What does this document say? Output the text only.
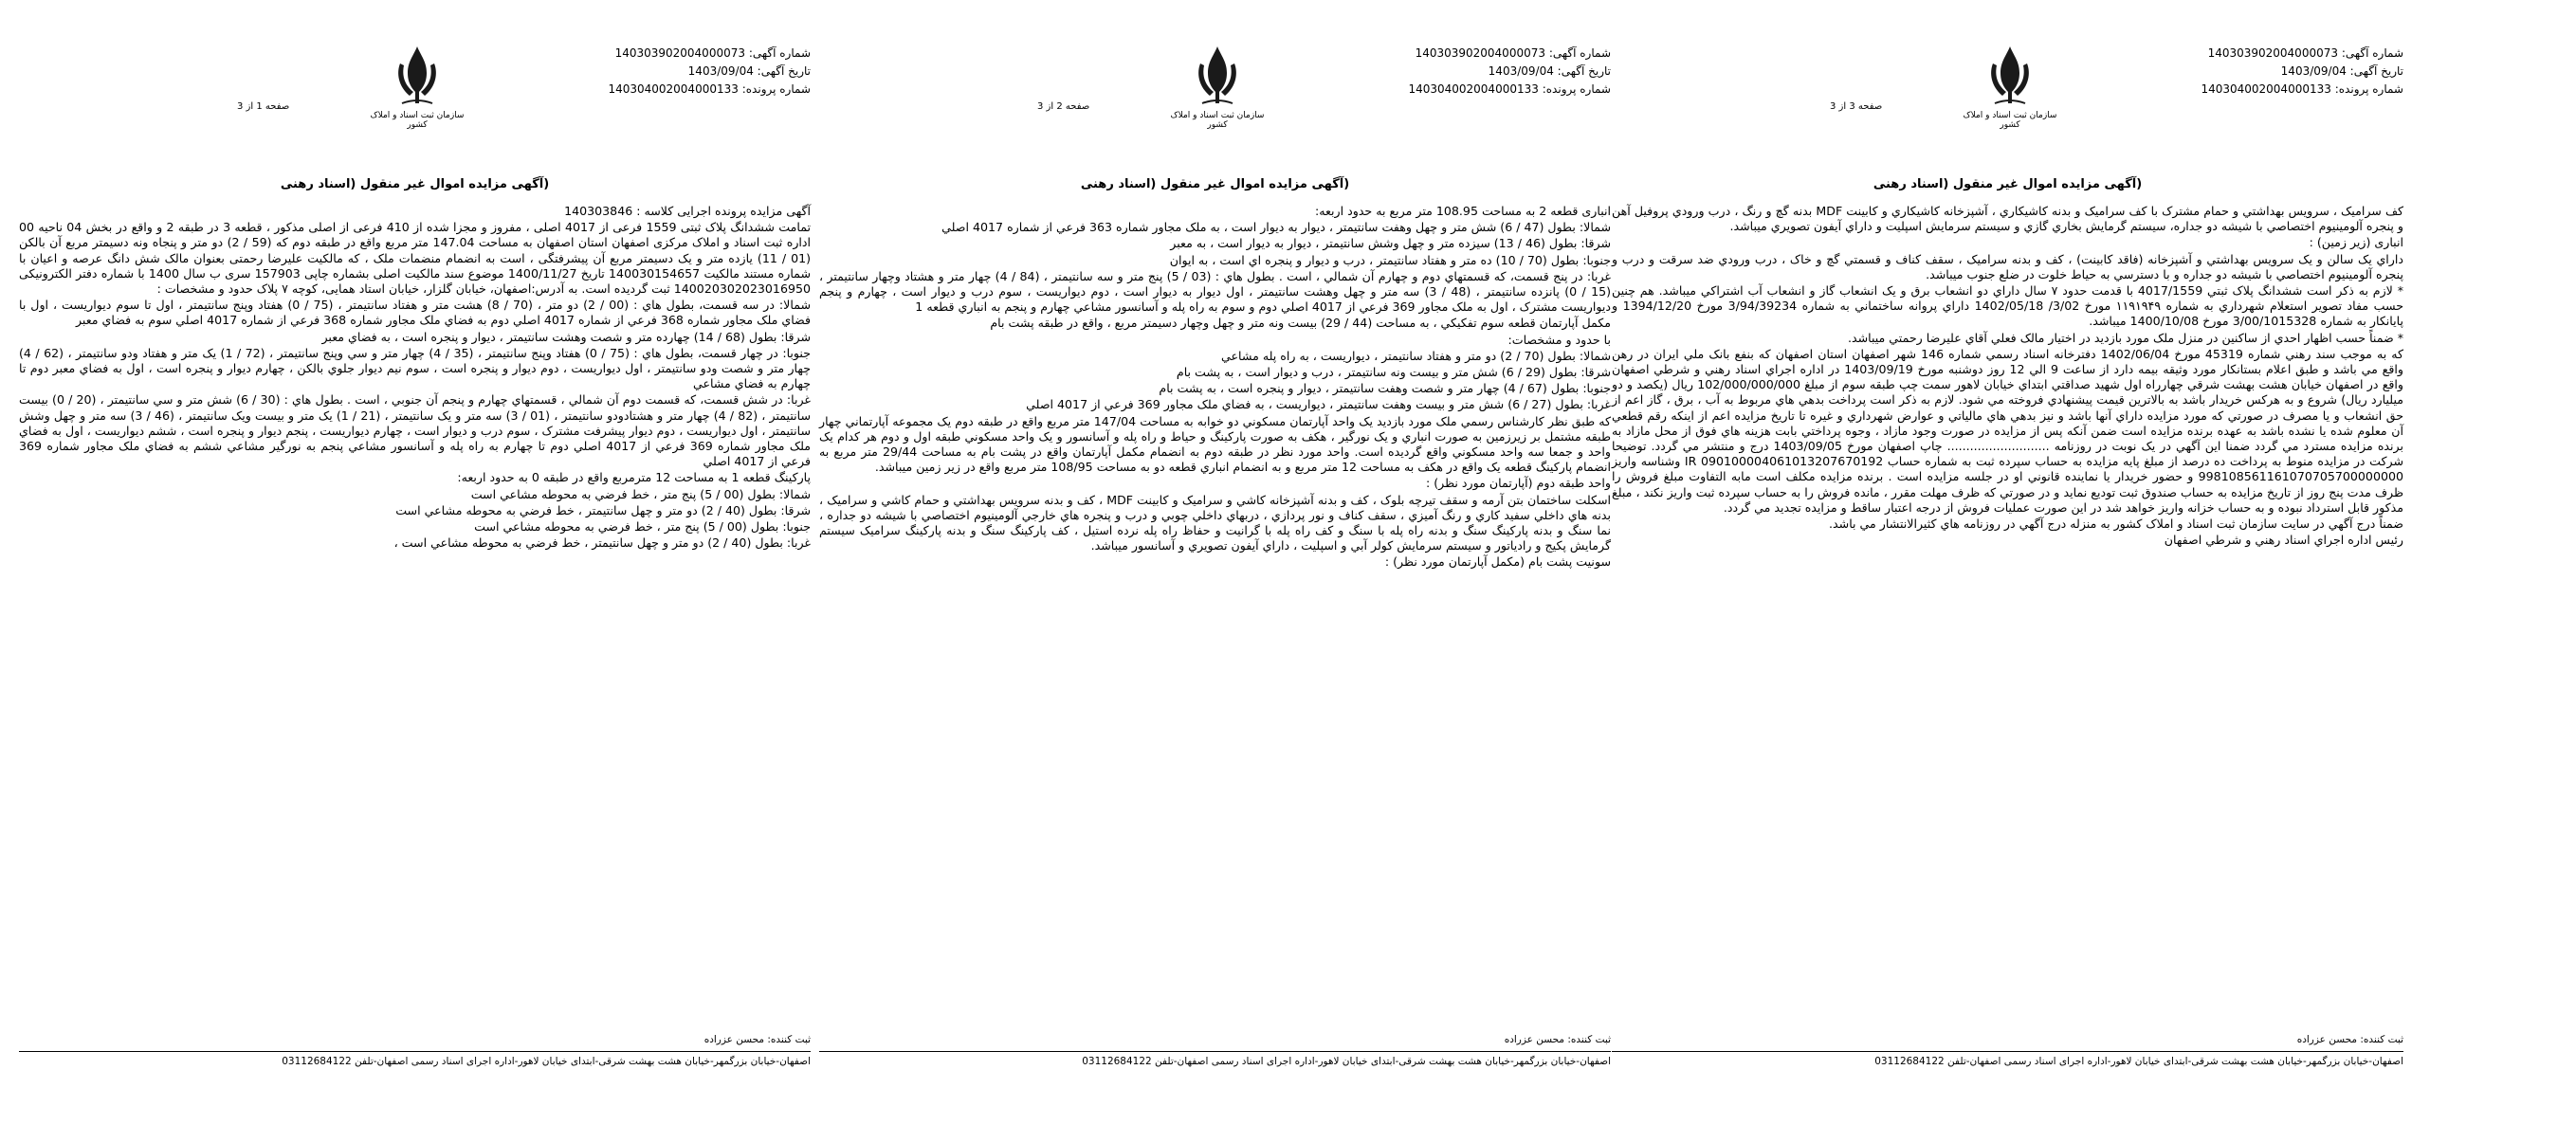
شماره آگهی: 140303902004000073
تاریخ آگهی: 1403/09/04
شماره پرونده: 140304002004000133
سازمان ثبت اسناد و املاک کشور
صفحه 1 از 3
(آگهی مزایده اموال غیر منقول (اسناد رهنی

آگهی مزایده پرونده اجرایی کلاسه : 140303846

تمامت ششدانگ پلاک ثبتی 1559 فرعی از 4017 اصلی ، مفروز و مجزا شده از 410 فرعی از اصلی مذکور ، قطعه 3 در طبقه 2 و واقع در بخش 04 ناحیه 00 اداره ثبت اسناد و املاک مرکزی اصفهان استان اصفهان به مساحت 147.04 متر مربع واقع در طبقه دوم که (59 / 2) دو متر و پنجاه ونه دسیمتر مربع آن بالکن (01 / 11) یازده متر و یک دسیمتر مربع آن پیشرفتگی ، است به انضمام منضمات ملک ، که مالکیت علیرضا رحمتی بعنوان مالک شش دانگ عرصه و اعیان با شماره مستند مالکیت 140030154657 تاریخ 1400/11/27 موضوع سند مالکیت اصلی بشماره چاپی 157903 سری ب سال 1400 با شماره دفتر الکترونیکی 140020302023016950 ثبت گردیده است. به آدرس:اصفهان، خیابان گلزار، خیابان استاد همایی، کوچه ۷ پلاک حدود و مشخصات :

شمالا: در سه قسمت، بطول هاي : (00 / 2) دو متر ، (70 / 8) هشت متر و هفتاد سانتيمتر ، (75 / 0) هفتاد وپنج سانتيمتر ، اول تا سوم ديواريست ، اول با فضاي ملک مجاور شماره 368 فرعي از شماره 4017 اصلي دوم به فضاي ملک مجاور شماره 368 فرعي از شماره 4017 اصلي سوم به فضاي معبر

شرقا: بطول (68 / 14) چهارده متر و شصت وهشت سانتيمتر ، ديوار و پنجره است ، به فضاي معبر

جنوبا: در چهار قسمت، بطول هاي : (75 / 0) هفتاد وپنج سانتيمتر ، (35 / 4) چهار متر و سي وپنج سانتيمتر ، (72 / 1) يک متر و هفتاد ودو سانتيمتر ، (62 / 4) چهار متر و شصت ودو سانتيمتر ، اول ديواريست ، دوم ديوار و پنجره است ، سوم نيم ديوار جلوي بالکن ، چهارم ديوار و پنجره است ، اول به فضاي معبر دوم تا چهارم به فضاي مشاعي

غربا: در شش قسمت، که قسمت دوم آن شمالي ، قسمتهاي چهارم و پنجم آن جنوبي ، است . بطول هاي : (30 / 6) شش متر و سي سانتيمتر ، (20 / 0) بيست سانتيمتر ، (82 / 4) چهار متر و هشتادودو سانتيمتر ، (01 / 3) سه متر و يک سانتيمتر ، (21 / 1) يک متر و بيست ويک سانتيمتر ، (46 / 3) سه متر و چهل وشش سانتيمتر ، اول ديواريست ، دوم ديوار پيشرفت مشترک ، سوم درب و ديوار است ، چهارم ديواريست ، پنجم ديوار و پنجره است ، ششم ديواريست ، اول به فضاي ملک مجاور شماره 369 فرعي از 4017 اصلي دوم تا چهارم به راه پله و آسانسور مشاعي پنجم به نورگير مشاعي ششم به فضاي ملک مجاور شماره 369 فرعي از 4017 اصلي

پارکينگ قطعه 1 به مساحت 12 مترمربع واقع در طبقه 0 به حدود اربعه:

شمالا: بطول (00 / 5) پنج متر ، خط فرضي به محوطه مشاعي است

شرقا: بطول (40 / 2) دو متر و چهل سانتيمتر ، خط فرضي به محوطه مشاعي است

جنوبا: بطول (00 / 5) پنج متر ، خط فرضي به محوطه مشاعي است

غربا: بطول (40 / 2) دو متر و چهل سانتيمتر ، خط فرضي به محوطه مشاعي است ،

ثبت کننده: محسن عزراده
اصفهان-خیابان بزرگمهر-خیابان هشت بهشت شرقی-ابتدای خیابان لاهور-اداره اجرای اسناد رسمی اصفهان-تلفن 03112684122
شماره آگهی: 140303902004000073
تاریخ آگهی: 1403/09/04
شماره پرونده: 140304002004000133
سازمان ثبت اسناد و املاک کشور
صفحه 2 از 3
(آگهی مزایده اموال غیر منقول (اسناد رهنی

انباری قطعه 2 به مساحت 108.95 متر مربع به حدود اربعه:

شمالا: بطول (47 / 6) شش متر و چهل وهفت سانتيمتر ، ديوار به ديوار است ، به ملک مجاور شماره 363 فرعي از شماره 4017 اصلي

شرقا: بطول (46 / 13) سيزده متر و چهل وشش سانتيمتر ، ديوار به ديوار است ، به معبر

جنوبا: بطول (70 / 10) ده متر و هفتاد سانتيمتر ، درب و ديوار و پنجره اي است ، به ايوان

غربا: در پنج قسمت، كه قسمتهاي دوم و چهارم آن شمالي ، است . بطول هاي : (03 / 5) پنج متر و سه سانتيمتر ، (84 / 4) چهار متر و هشتاد وچهار سانتيمتر ، (15 / 0) پانزده سانتيمتر ، (48 / 3) سه متر و چهل وهشت سانتيمتر ، اول ديوار به ديوار است ، دوم ديواريست ، سوم درب و ديوار است ، چهارم و پنجم ديواريست مشترک ، اول به ملک مجاور 369 فرعي از 4017 اصلي دوم و سوم به راه پله و آسانسور مشاعي چهارم و پنجم به انباري قطعه 1

مکمل آپارتمان قطعه سوم تفکيکي ، به مساحت (44 / 29) بيست ونه متر و چهل وچهار دسيمتر مربع ، واقع در طبقه پشت بام

با حدود و مشخصات:

شمالا: بطول (70 / 2) دو متر و هفتاد سانتيمتر ، ديواريست ، به راه پله مشاعي

شرقا: بطول (29 / 6) شش متر و بيست ونه سانتيمتر ، درب و ديوار است ، به پشت بام

جنوبا: بطول (67 / 4) چهار متر و شصت وهفت سانتيمتر ، ديوار و پنجره است ، به پشت بام

غربا: بطول (27 / 6) شش متر و بيست وهفت سانتيمتر ، ديواريست ، به فضاي ملک مجاور 369 فرعي از 4017 اصلي

که طبق نظر کارشناس رسمي ملک مورد بازديد يک واحد آپارتمان مسکوني دو خوابه به مساحت 147/04 متر مربع واقع در طبقه دوم يک مجموعه آپارتماني چهار طبقه مشتمل بر زيرزمين به صورت انباري و يک نورگير ، هکف به صورت پارکينگ و حياط و راه پله و آسانسور و يک واحد مسکوني طبقه اول و دوم هر کدام يک واحد و جمعا سه واحد مسکوني واقع گرديده است. واحد مورد نظر در طبقه دوم به انضمام مکمل آپارتمان واقع در پشت بام به مساحت 29/44 متر مربع به انضمام پارکينگ قطعه يک واقع در هکف به مساحت 12 متر مربع و به انضمام انباري قطعه دو به مساحت 108/95 متر مربع واقع در زير زمين ميباشد.

واحد طبقه دوم (آپارتمان مورد نظر) :

اسکلت ساختمان بتن آرمه و سقف تيرچه بلوک ، کف و بدنه آشپزخانه کاشي و سراميک و کابينت MDF ، کف و بدنه سرويس بهداشتي و حمام کاشي و سراميک ، بدنه هاي داخلي سفيد کاري و رنگ آميزي ، سقف کناف و نور پردازي ، دربهاي داخلي چوبي و درب و پنجره هاي خارجي آلومينيوم اختصاصي با شيشه دو جداره ، نما سنگ و بدنه پارکينگ سنگ و بدنه راه پله با سنگ و کف راه پله با گرانيت و حفاظ راه پله نرده استيل ، کف پارکينگ سنگ و بدنه پارکينگ سراميک سيستم گرمايش پکيج و رادياتور و سيستم سرمايش کولر آبي و اسپليت ، داراي آيفون تصويري و آسانسور ميباشد.

سونيت پشت بام (مکمل آپارتمان مورد نظر) :

ثبت کننده: محسن عزراده
اصفهان-خیابان بزرگمهر-خیابان هشت بهشت شرقی-ابتدای خیابان لاهور-اداره اجرای اسناد رسمی اصفهان-تلفن 03112684122
شماره آگهی: 140303902004000073
تاریخ آگهی: 1403/09/04
شماره پرونده: 140304002004000133
سازمان ثبت اسناد و املاک کشور
صفحه 3 از 3
(آگهی مزایده اموال غیر منقول (اسناد رهنی

کف سراميک ، سرويس بهداشتي و حمام مشترک با کف سراميک و بدنه کاشيکاري ، آشپزخانه کاشيکاري و کابينت MDF بدنه گچ و رنگ ، درب ورودي پروفيل آهن و پنجره آلومينيوم اختصاصي با شيشه دو جداره، سيستم گرمايش بخاري گازي و سيستم سرمايش اسپليت و داراي آيفون تصويري ميباشد.

انباری (زیر زمین) :

داراي يک سالن و يک سرويس بهداشتي و آشپزخانه (فاقد کابينت) ، کف و بدنه سراميک ، سقف کناف و قسمتي گچ و خاک ، درب ورودي ضد سرقت و درب و پنجره آلومينيوم اختصاصي با شيشه دو جداره و با دسترسي به حياط خلوت در ضلع جنوب ميباشد.

* لازم به ذکر است ششدانگ پلاک ثبتي 4017/1559 با قدمت حدود ۷ سال داراي دو انشعاب برق و يک انشعاب گاز و انشعاب آب اشتراکي ميباشد. هم چنين حسب مفاد تصوير استعلام شهرداري به شماره ۱۱۹۱۹۴۹ مورخ 3/02/ 1402/05/18 داراي پروانه ساختماني به شماره 3/94/39234 مورخ 1394/12/20 و پايانکار به شماره 3/00/1015328 مورخ 1400/10/08 ميباشد.

* ضمناً حسب اظهار احدي از ساکنين در منزل ملک مورد بازديد در اختيار مالک فعلي آقاي عليرضا رحمتي ميباشد.

که به موجب سند رهني شماره 45319 مورخ 1402/06/04 دفترخانه اسناد رسمي شماره 146 شهر اصفهان استان اصفهان که بنفع بانک ملي ايران در رهن واقع مي باشد و طبق اعلام بستانکار مورد وثيقه بيمه دارد از ساعت 9 الي 12 روز دوشنبه مورخ 1403/09/19 در اداره اجراي اسناد رهني و شرطي اصفهان واقع در اصفهان خيابان هشت بهشت شرقي چهارراه اول شهيد صداقتي ابتداي خيابان لاهور سمت چپ طبقه سوم از مبلغ 102/000/000/000 ريال (يکصد و دو ميليارد ريال) شروع و به هرکس خريدار باشد به بالاترين قيمت پيشنهادي فروخته مي شود. لازم به ذکر است پرداخت بدهي هاي مربوط به آب ، برق ، گاز اعم از حق انشعاب و يا مصرف در صورتي که مورد مزايده داراي آنها باشد و نيز بدهي هاي مالياتي و عوارض شهرداري و غيره تا تاريخ مزايده اعم از اينکه رقم قطعي آن معلوم شده يا نشده باشد به عهده برنده مزايده است ضمن آنکه پس از مزايده در صورت وجود مازاد ، وجوه پرداختي بابت هزينه هاي فوق از محل مازاد به برنده مزايده مسترد مي گردد ضمنا اين آگهي در يک نوبت در روزنامه ........................... چاپ اصفهان مورخ 1403/09/05 درج و منتشر مي گردد. توضيحا شرکت در مزايده منوط به پرداخت ده درصد از مبلغ پايه مزايده به حساب سپرده ثبت به شماره حساب IR 090100004061013207670192 وشناسه واريز 998108561161070705700000000 و حضور خريدار يا نماينده قانوني او در جلسه مزايده است . برنده مزايده مکلف است مابه التفاوت مبلغ فروش را ظرف مدت پنج روز از تاريخ مزايده به حساب صندوق ثبت توديع نمايد و در صورتي که ظرف مهلت مقرر ، مانده فروش را به حساب سپرده ثبت واريز نکند ، مبلغ مذکور قابل استرداد نبوده و به حساب خزانه واريز خواهد شد در اين صورت عمليات فروش از درجه اعتبار ساقط و مزايده تجديد مي گردد.

ضمناً درج آگهي در سايت سازمان ثبت اسناد و املاک کشور به منزله درج آگهي در روزنامه هاي کثيرالانتشار مي باشد.

رئيس اداره اجراي اسناد رهني و شرطي اصفهان

ثبت کننده: محسن عزراده
اصفهان-خیابان بزرگمهر-خیابان هشت بهشت شرقی-ابتدای خیابان لاهور-اداره اجرای اسناد رسمی اصفهان-تلفن 03112684122
